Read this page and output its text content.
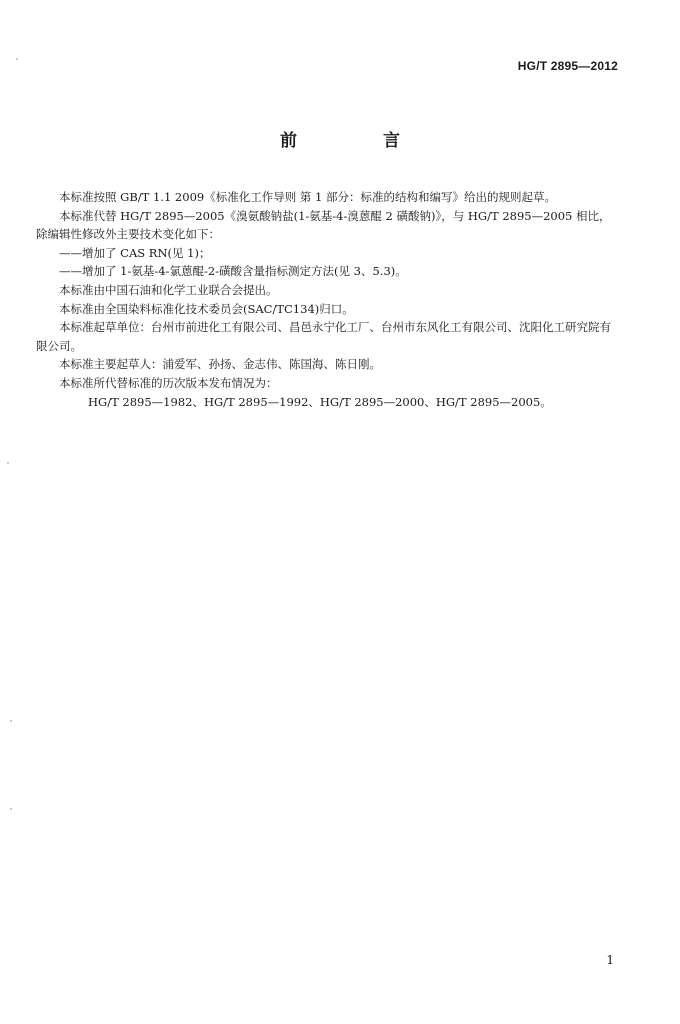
HG/T 2895—2012
前 言

本标准按照 GB/T 1.1 2009《标准化工作导则 第 1 部分：标准的结构和编写》给出的规则起草。

本标准代替 HG/T 2895—2005《溴氨酸钠盐(1-氨基-4-溴蒽醌 2 磺酸钠)》，与 HG/T 2895—2005 相比，除编辑性修改外主要技术变化如下：

——增加了 CAS RN(见 1)；

——增加了 1-氨基-4-氯蒽醌-2-磺酸含量指标测定方法(见 3、5.3)。

本标准由中国石油和化学工业联合会提出。

本标准由全国染料标准化技术委员会(SAC/TC134)归口。

本标准起草单位：台州市前进化工有限公司、昌邑永宁化工厂、台州市东风化工有限公司、沈阳化工研究院有限公司。

本标准主要起草人：浦爱军、孙扬、金志伟、陈国海、陈日刚。

本标准所代替标准的历次版本发布情况为：

HG/T 2895—1982、HG/T 2895—1992、HG/T 2895—2000、HG/T 2895—2005。

1
